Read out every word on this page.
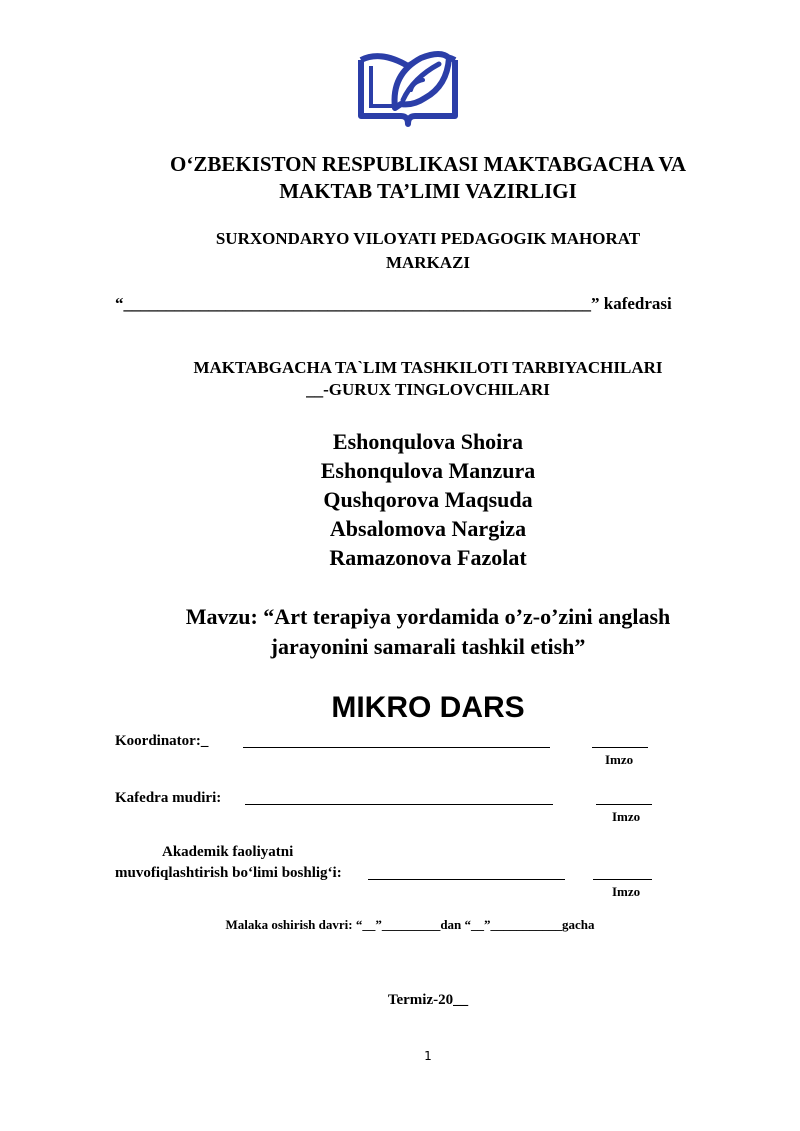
O‘ZBEKISTON RESPUBLIKASI MAKTABGACHA VA
MAKTAB TA’LIMI VAZIRLIGI
SURXONDARYO VILOYATI PEDAGOGIK MAHORAT
MARKAZI
“_______________________________________________________” kafedrasi
MAKTABGACHA TA`LIM TASHKILOTI TARBIYACHILARI
__-GURUX TINGLOVCHILARI
Eshonqulova Shoira
Eshonqulova Manzura
Qushqorova Maqsuda
Absalomova Nargiza
Ramazonova Fazolat
Mavzu: “Art terapiya yordamida o’z-o’zini anglash
jarayonini samarali tashkil etish”
MIKRO DARS
Koordinator:_
Imzo
Kafedra mudiri:
Imzo
Akademik faoliyatni
muvofiqlashtirish bo‘limi boshlig‘i:
Imzo
Malaka oshirish davri: “__”_________dan “__”___________gacha
Termiz-20__
1
